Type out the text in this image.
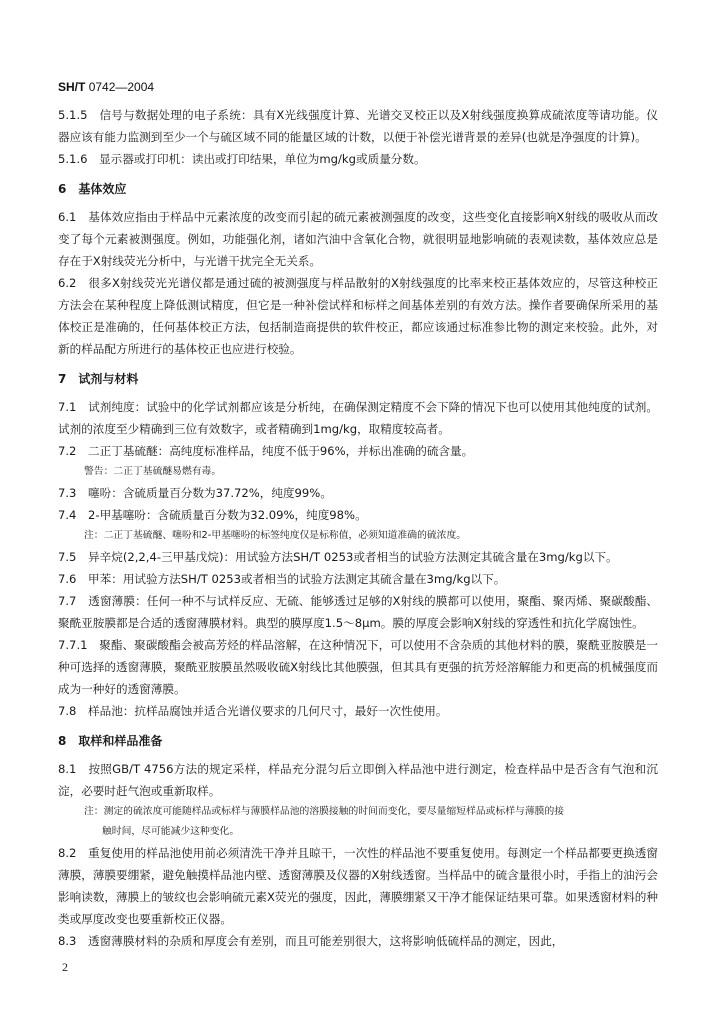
SH/T 0742—2004

5.1.5　信号与数据处理的电子系统：具有X光线强度计算、光谱交叉校正以及X射线强度换算成硫浓度等请功能。仪器应该有能力监测到至少一个与硫区域不同的能量区域的计数，以便于补偿光谱背景的差异(也就是净强度的计算)。

5.1.6　显示器或打印机：读出或打印结果，单位为mg/kg或质量分数。

6　基体效应

6.1　基体效应指由于样品中元素浓度的改变而引起的硫元素被测强度的改变，这些变化直接影响X射线的吸收从而改变了每个元素被测强度。例如，功能强化剂，诸如汽油中含氧化合物，就很明显地影响硫的表观读数，基体效应总是存在于X射线荧光分析中，与光谱干扰完全无关系。

6.2　很多X射线荧光光谱仪都是通过硫的被测强度与样品散射的X射线强度的比率来校正基体效应的，尽管这种校正方法会在某种程度上降低测试精度，但它是一种补偿试样和标样之间基体差别的有效方法。操作者要确保所采用的基体校正是准确的，任何基体校正方法，包括制造商提供的软件校正，都应该通过标准参比物的测定来校验。此外，对新的样品配方所进行的基体校正也应进行校验。

7　试剂与材料

7.1　试剂纯度：试验中的化学试剂都应该是分析纯，在确保测定精度不会下降的情况下也可以使用其他纯度的试剂。试剂的浓度至少精确到三位有效数字，或者精确到1mg/kg，取精度较高者。

7.2　二正丁基硫醚：高纯度标准样品，纯度不低于96%，并标出准确的硫含量。

警告：二正丁基硫醚易燃有毒。

7.3　噻吩：含硫质量百分数为37.72%，纯度99%。

7.4　2-甲基噻吩：含硫质量百分数为32.09%，纯度98%。

注：二正丁基硫醚、噻吩和2-甲基噻吩的标签纯度仅是标称值，必须知道准确的硫浓度。

7.5　异辛烷(2,2,4-三甲基戊烷)：用试验方法SH/T 0253或者相当的试验方法测定其硫含量在3mg/kg以下。

7.6　甲苯：用试验方法SH/T 0253或者相当的试验方法测定其硫含量在3mg/kg以下。

7.7　透窗薄膜：任何一种不与试样反应、无硫、能够透过足够的X射线的膜都可以使用，聚酯、聚丙烯、聚碳酸酯、聚酰亚胺膜都是合适的透窗薄膜材料。典型的膜厚度1.5～8μm。膜的厚度会影响X射线的穿透性和抗化学腐蚀性。

7.7.1　聚酯、聚碳酸酯会被高芳烃的样品溶解，在这种情况下，可以使用不含杂质的其他材料的膜，聚酰亚胺膜是一种可选择的透窗薄膜，聚酰亚胺膜虽然吸收硫X射线比其他膜强，但其具有更强的抗芳烃溶解能力和更高的机械强度而成为一种好的透窗薄膜。

7.8　样品池：抗样品腐蚀并适合光谱仪要求的几何尺寸，最好一次性使用。

8　取样和样品准备

8.1　按照GB/T 4756方法的规定采样，样品充分混匀后立即倒入样品池中进行测定，检查样品中是否含有气泡和沉淀，必要时赶气泡或重新取样。

注：测定的硫浓度可能随样品或标样与薄膜样品池的溶膜接触的时间而变化，要尽量缩短样品或标样与薄膜的接

触时间，尽可能减少这种变化。

8.2　重复使用的样品池使用前必须清洗干净并且晾干，一次性的样品池不要重复使用。每测定一个样品都要更换透窗薄膜，薄膜要绷紧，避免触摸样品池内壁、透窗薄膜及仪器的X射线透窗。当样品中的硫含量很小时，手指上的油污会影响读数，薄膜上的皱纹也会影响硫元素X荧光的强度，因此，薄膜绷紧又干净才能保证结果可靠。如果透窗材料的种类或厚度改变也要重新校正仪器。

8.3　透窗薄膜材料的杂质和厚度会有差别，而且可能差别很大，这将影响低硫样品的测定，因此，

2
